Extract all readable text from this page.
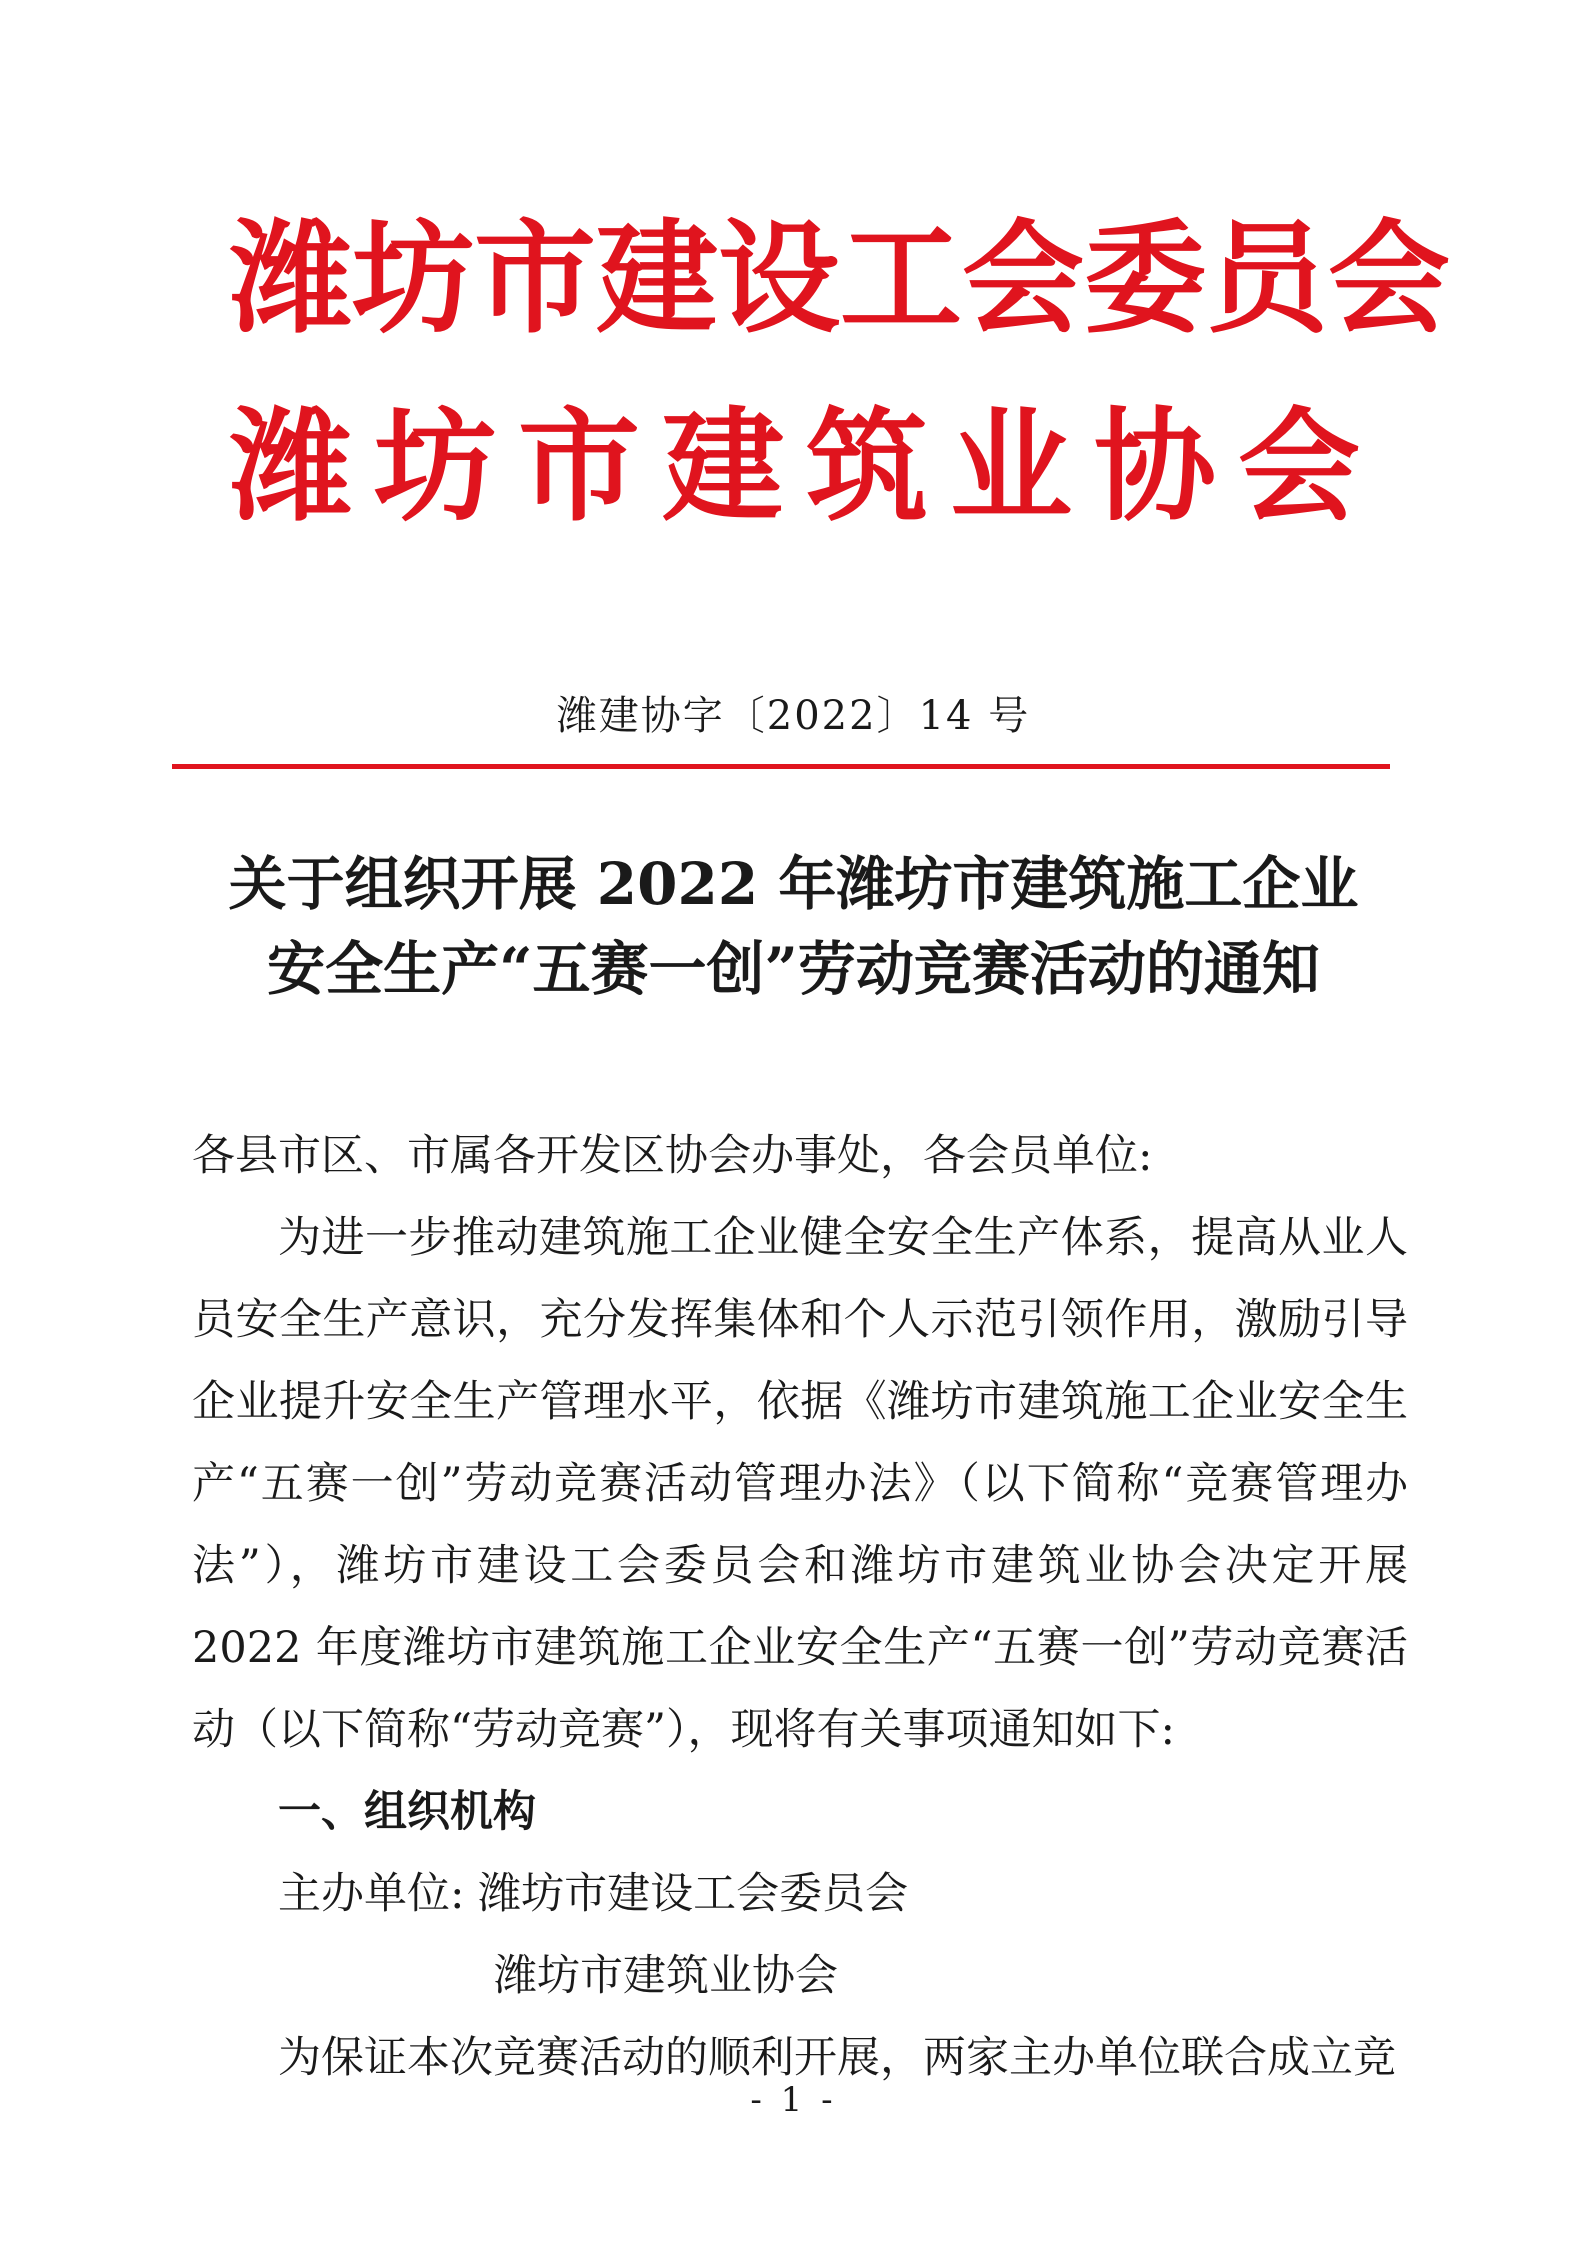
潍坊市建设工会委员会
潍坊市建筑业协会
潍建协字〔2022〕14 号
关于组织开展 2022 年潍坊市建筑施工企业
安全生产“五赛一创”劳动竞赛活动的通知

各县市区、市属各开发区协会办事处，各会员单位:

为进一步推动建筑施工企业健全安全生产体系，提高从业人员安全生产意识，充分发挥集体和个人示范引领作用，激励引导企业提升安全生产管理水平，依据《潍坊市建筑施工企业安全生产“五赛一创”劳动竞赛活动管理办法》（以下简称“竞赛管理办法”），潍坊市建设工会委员会和潍坊市建筑业协会决定开展 2022 年度潍坊市建筑施工企业安全生产“五赛一创”劳动竞赛活动（以下简称“劳动竞赛”），现将有关事项通知如下:

一、组织机构

主办单位: 潍坊市建设工会委员会

潍坊市建筑业协会

为保证本次竞赛活动的顺利开展，两家主办单位联合成立竞

- 1 -
